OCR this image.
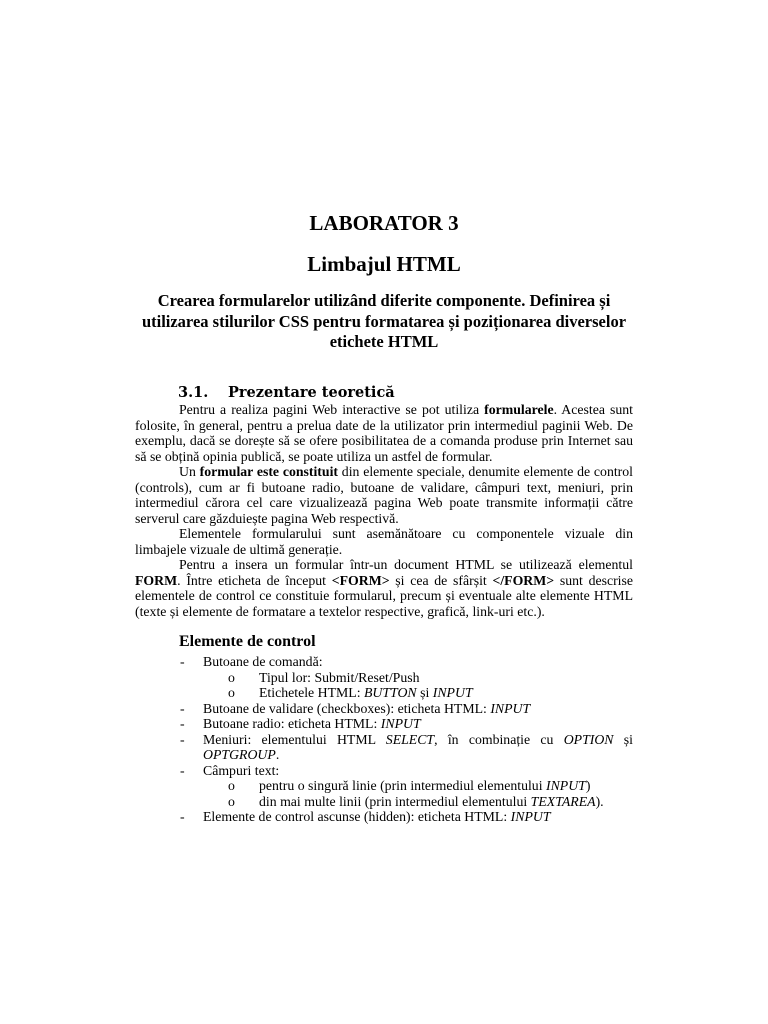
LABORATOR 3
Limbajul HTML

Crearea formularelor utilizând diferite componente. Definirea și utilizarea stilurilor CSS pentru formatarea și poziționarea diverselor etichete HTML

3.1. Prezentare teoretică

Pentru a realiza pagini Web interactive se pot utiliza formularele. Acestea sunt folosite, în general, pentru a prelua date de la utilizator prin intermediul paginii Web. De exemplu, dacă se dorește să se ofere posibilitatea de a comanda produse prin Internet sau să se obțină opinia publică, se poate utiliza un astfel de formular.

Un formular este constituit din elemente speciale, denumite elemente de control (controls), cum ar fi butoane radio, butoane de validare, câmpuri text, meniuri, prin intermediul cărora cel care vizualizează pagina Web poate transmite informații către serverul care găzduiește pagina Web respectivă.

Elementele formularului sunt asemănătoare cu componentele vizuale din limbajele vizuale de ultimă generație.

Pentru a insera un formular într-un document HTML se utilizează elementul FORM. Între eticheta de început <FORM> și cea de sfârșit </FORM> sunt descrise elementele de control ce constituie formularul, precum și eventuale alte elemente HTML (texte și elemente de formatare a textelor respective, grafică, link-uri etc.).

Elemente de control
- Butoane de comandă:
o Tipul lor: Submit/Reset/Push
o Etichetele HTML: BUTTON și INPUT
- Butoane de validare (checkboxes): eticheta HTML: INPUT
- Butoane radio: eticheta HTML: INPUT
- Meniuri: elementului HTML SELECT, în combinație cu OPTION și OPTGROUP.
- Câmpuri text:
o pentru o singură linie (prin intermediul elementului INPUT)
o din mai multe linii (prin intermediul elementului TEXTAREA).
- Elemente de control ascunse (hidden): eticheta HTML: INPUT
